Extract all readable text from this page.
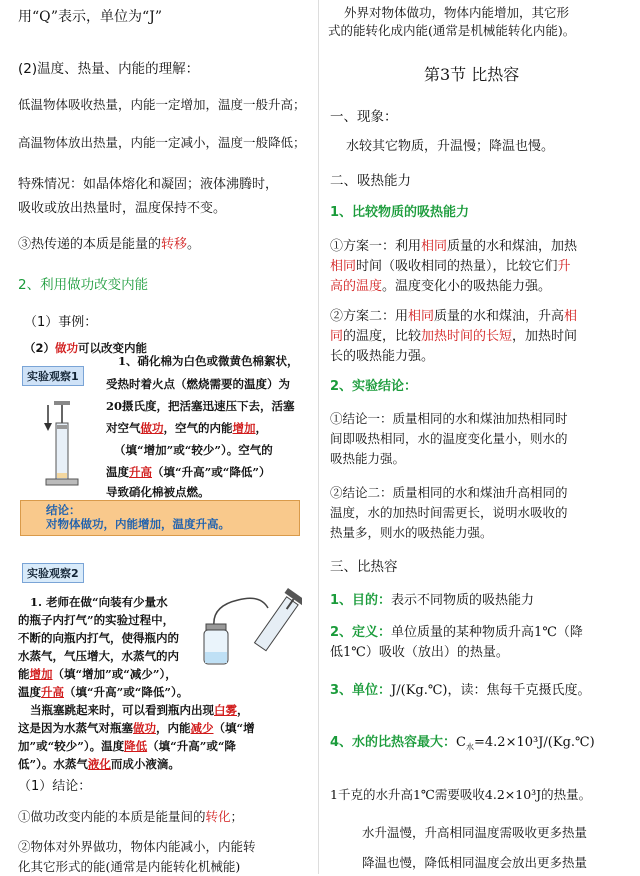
用“Q”表示，单位为“J”
(2)温度、热量、内能的理解：
低温物体吸收热量，内能一定增加，温度一般升高；
高温物体放出热量，内能一定减小，温度一般降低；
特殊情况：如晶体熔化和凝固；液体沸腾时，
吸收或放出热量时，温度保持不变。
③热传递的本质是能量的转移。
2、利用做功改变内能
（1）事例：
（2）做功可以改变内能
实验观察1
1、硝化棉为白色或微黄色棉絮状，
受热时着火点（燃烧需要的温度）为
20摄氏度，把活塞迅速压下去，活塞
对空气做功，空气的内能增加，
（填“增加”或“较少”）。空气的
温度升高（填“升高”或“降低”）
导致硝化棉被点燃。
结论：
对物体做功，内能增加，温度升高。
实验观察2
1. 老师在做“向装有少量水
的瓶子内打气”的实验过程中，
不断的向瓶内打气，使得瓶内的
水蒸气，气压增大，水蒸气的内
能增加（填“增加”或“减少”），
温度升高（填“升高”或“降低”）。
当瓶塞跳起来时，可以看到瓶内出现白雾，
这是因为水蒸气对瓶塞做功，内能减少（填“增
加”或“较少”）。温度降低（填“升高”或“降
低”）。水蒸气液化而成小液滴。
（1）结论：
①做功改变内能的本质是能量间的转化；
②物体对外界做功，物体内能减小，内能转
化其它形式的能(通常是内能转化机械能)
外界对物体做功，物体内能增加，其它形
式的能转化成内能(通常是机械能转化内能)。
第3节 比热容
一、现象：
水较其它物质，升温慢；降温也慢。
二、吸热能力
1、比较物质的吸热能力
①方案一：利用相同质量的水和煤油，加热
相同时间（吸收相同的热量），比较它们升
高的温度。温度变化小的吸热能力强。
②方案二：用相同质量的水和煤油，升高相
同的温度，比较加热时间的长短，加热时间
长的吸热能力强。
2、实验结论：
①结论一：质量相同的水和煤油加热相同时
间即吸热相同，水的温度变化量小，则水的
吸热能力强。
②结论二：质量相同的水和煤油升高相同的
温度，水的加热时间需更长，说明水吸收的
热量多，则水的吸热能力强。
三、比热容
1、目的：表示不同物质的吸热能力
2、定义：单位质量的某种物质升高1℃（降
低1℃）吸收（放出）的热量。
3、单位：J/(Kg.℃)，读：焦每千克摄氏度。
4、水的比热容最大：$C_水=4.2\times 10^3J/(Kg.℃)$
1千克的水升高1℃需要吸收4.2×10³J的热量。
水升温慢，升高相同温度需吸收更多热量
降温也慢，降低相同温度会放出更多热量
